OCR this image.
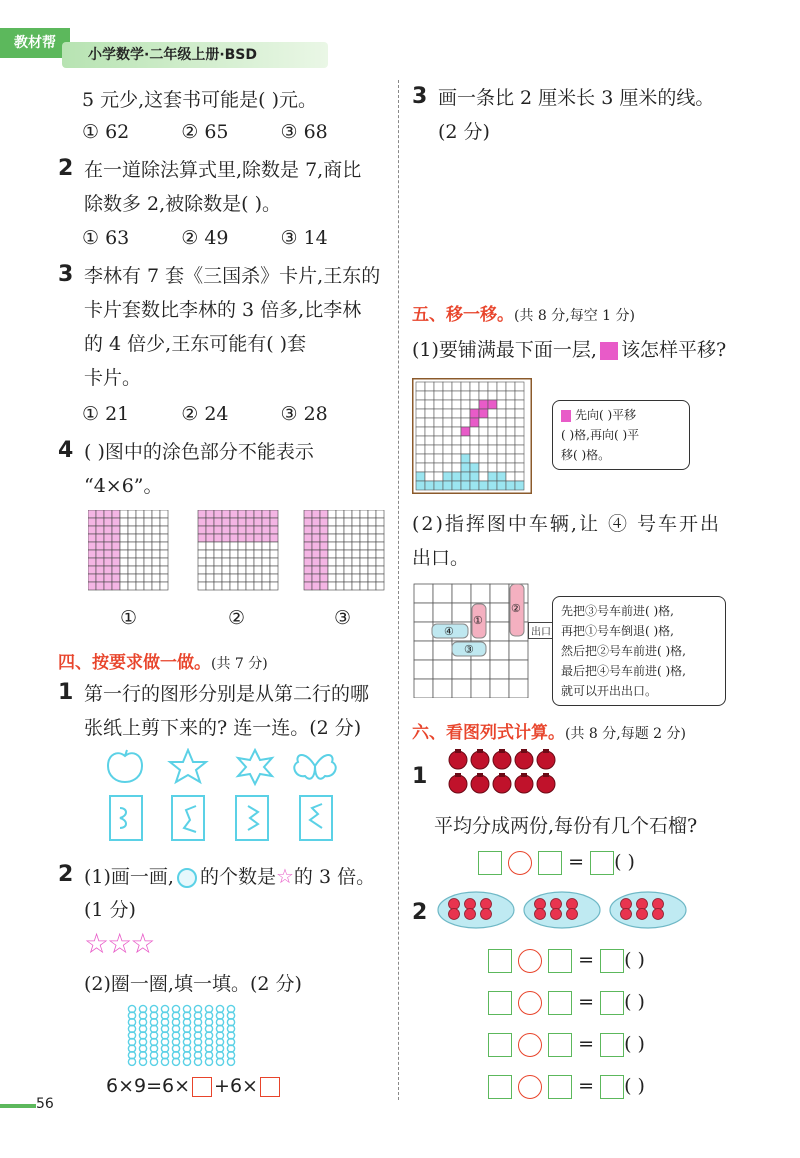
教材帮
小学数学·二年级上册·BSD
5 元少,这套书可能是( )元。
① 62	② 65	③ 68
2 在一道除法算式里,除数是 7,商比
除数多 2,被除数是( )。
① 63	② 49	③ 14
3 李林有 7 套《三国杀》卡片,王东的
卡片套数比李林的 3 倍多,比李林
的 4 倍少,王东可能有( )套
卡片。
① 21	② 24	③ 28
4 ( )图中的涂色部分不能表示
“4×6”。
①	②	③
四、按要求做一做。(共 7 分)
1 第一行的图形分别是从第二行的哪
张纸上剪下来的? 连一连。(2 分)
2 (1)画一画, 的个数是☆的 3 倍。
(1 分)
☆☆☆
(2)圈一圈,填一填。(2 分)
6×9=6× +6×
56
3 画一条比 2 厘米长 3 厘米的线。
(2 分)
五、移一移。(共 8 分,每空 1 分)
(1)要铺满最下面一层, 该怎样平移?
先向( )平移
( )格,再向( )平
移( )格。
(2)指挥图中车辆,让 ④ 号车开出
出口。
①
②
③
④	出口
先把③号车前进( )格,
再把①号车倒退( )格,
然后把②号车前进( )格,
最后把④号车前进( )格,
就可以开出出口。
六、看图列式计算。(共 8 分,每题 2 分)
1
平均分成两份,每份有几个石榴?
= ( )
2
= ( )
= ( )
= ( )
= ( )
